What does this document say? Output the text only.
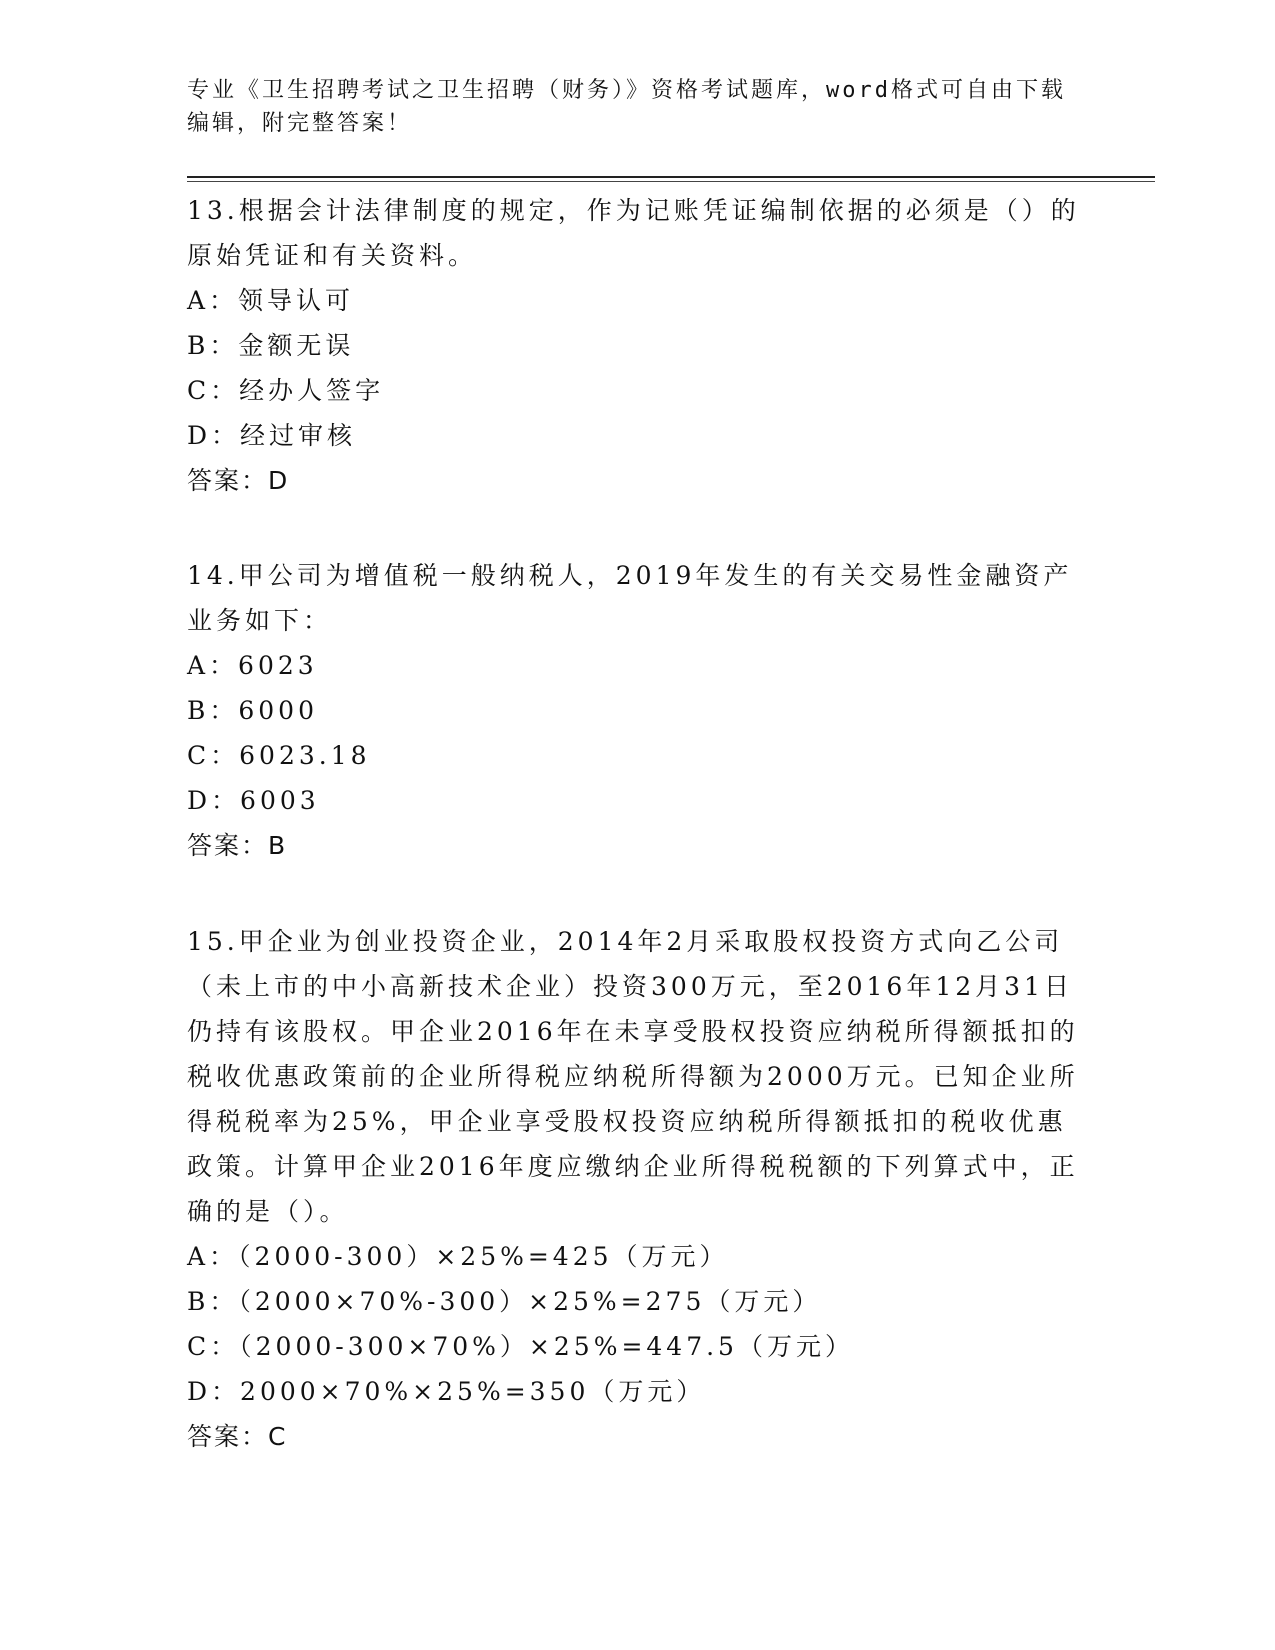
专业《卫生招聘考试之卫生招聘（财务）》资格考试题库，word格式可自由下载
编辑，附完整答案！

13.根据会计法律制度的规定，作为记账凭证编制依据的必须是（）的原始凭证和有关资料。

A：领导认可

B：金额无误

C：经办人签字

D：经过审核

答案：D

14.甲公司为增值税一般纳税人，2019年发生的有关交易性金融资产业务如下：

A：6023

B：6000

C：6023.18

D：6003

答案：B

15.甲企业为创业投资企业，2014年2月采取股权投资方式向乙公司（未上市的中小高新技术企业）投资300万元，至2016年12月31日仍持有该股权。甲企业2016年在未享受股权投资应纳税所得额抵扣的税收优惠政策前的企业所得税应纳税所得额为2000万元。已知企业所得税税率为25%，甲企业享受股权投资应纳税所得额抵扣的税收优惠政策。计算甲企业2016年度应缴纳企业所得税税额的下列算式中，正确的是（）。

A：（2000-300）×25%=425（万元）

B：（2000×70%-300）×25%=275（万元）

C：（2000-300×70%）×25%=447.5（万元）

D：2000×70%×25%=350（万元）

答案：C
